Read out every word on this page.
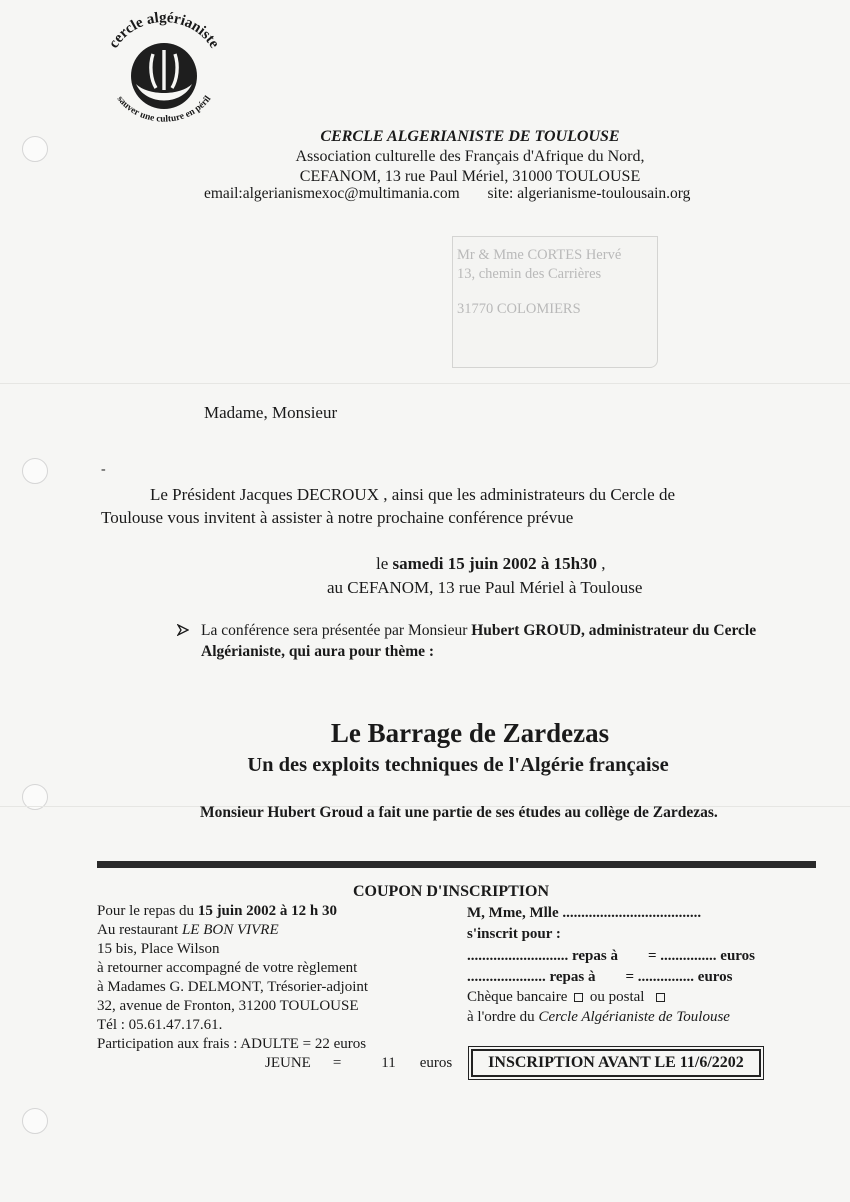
cercle algérianiste
sauver une culture en péril
CERCLE ALGERIANISTE DE TOULOUSE
Association culturelle des Français d'Afrique du Nord,
CEFANOM, 13 rue Paul Mériel, 31000 TOULOUSE
email:algerianismexoc@multimania.com site: algerianisme-toulousain.org
Mr & Mme CORTES Hervé
13, chemin des Carrières
31770 COLOMIERS
Madame, Monsieur
-
Le Président Jacques DECROUX , ainsi que les administrateurs du Cercle de
Toulouse vous invitent à assister à notre prochaine conférence prévue
le samedi 15 juin 2002 à 15h30 ,
au CEFANOM, 13 rue Paul Mériel à Toulouse
La conférence sera présentée par Monsieur Hubert GROUD, administrateur du Cercle
Algérianiste, qui aura pour thème :
Le Barrage de Zardezas
Un des exploits techniques de l'Algérie française
Monsieur Hubert Groud a fait une partie de ses études au collège de Zardezas.
COUPON D'INSCRIPTION
Pour le repas du 15 juin 2002 à 12 h 30
Au restaurant LE BON VIVRE
15 bis, Place Wilson
à retourner accompagné de votre règlement
à Madames G. DELMONT, Trésorier-adjoint
32, avenue de Fronton, 31200 TOULOUSE
Tél : 05.61.47.17.61.
Participation aux frais : ADULTE = 22 euros
JEUNE =	11 euros
M, Mme, Mlle .....................................
s'inscrit pour :
........................... repas à = ............... euros
..................... repas à = ............... euros
Chèque bancaire ou postal
à l'ordre du Cercle Algérianiste de Toulouse
INSCRIPTION AVANT LE 11/6/2202
